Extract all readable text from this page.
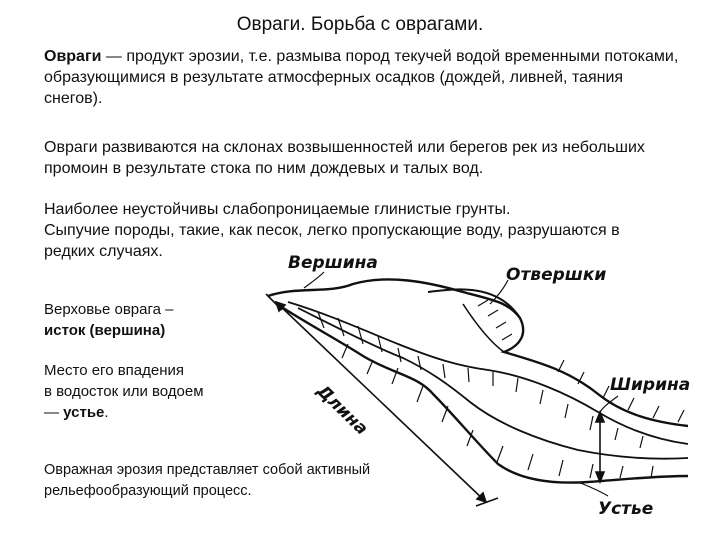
Овраги. Борьба с оврагами.
Овраги — продукт эрозии, т.е. размыва пород текучей водой временными потоками, образующимися в результате атмосферных осадков (дождей, ливней, таяния снегов).
Овраги развиваются на склонах возвышенностей или берегов рек из небольших промоин в результате стока по ним дождевых и талых вод.
Наиболее неустойчивы слабопроницаемые глинистые грунты.
Сыпучие породы, такие, как песок, легко пропускающие воду, разрушаются в редких случаях.
Верховье оврага –
исток (вершина)
Место его впадения
в водосток или водоем
— устье.
Овражная эрозия представляет собой активный рельефообразующий процесс.
Вершина
Отвершки
Длина	Ширина
Устье
